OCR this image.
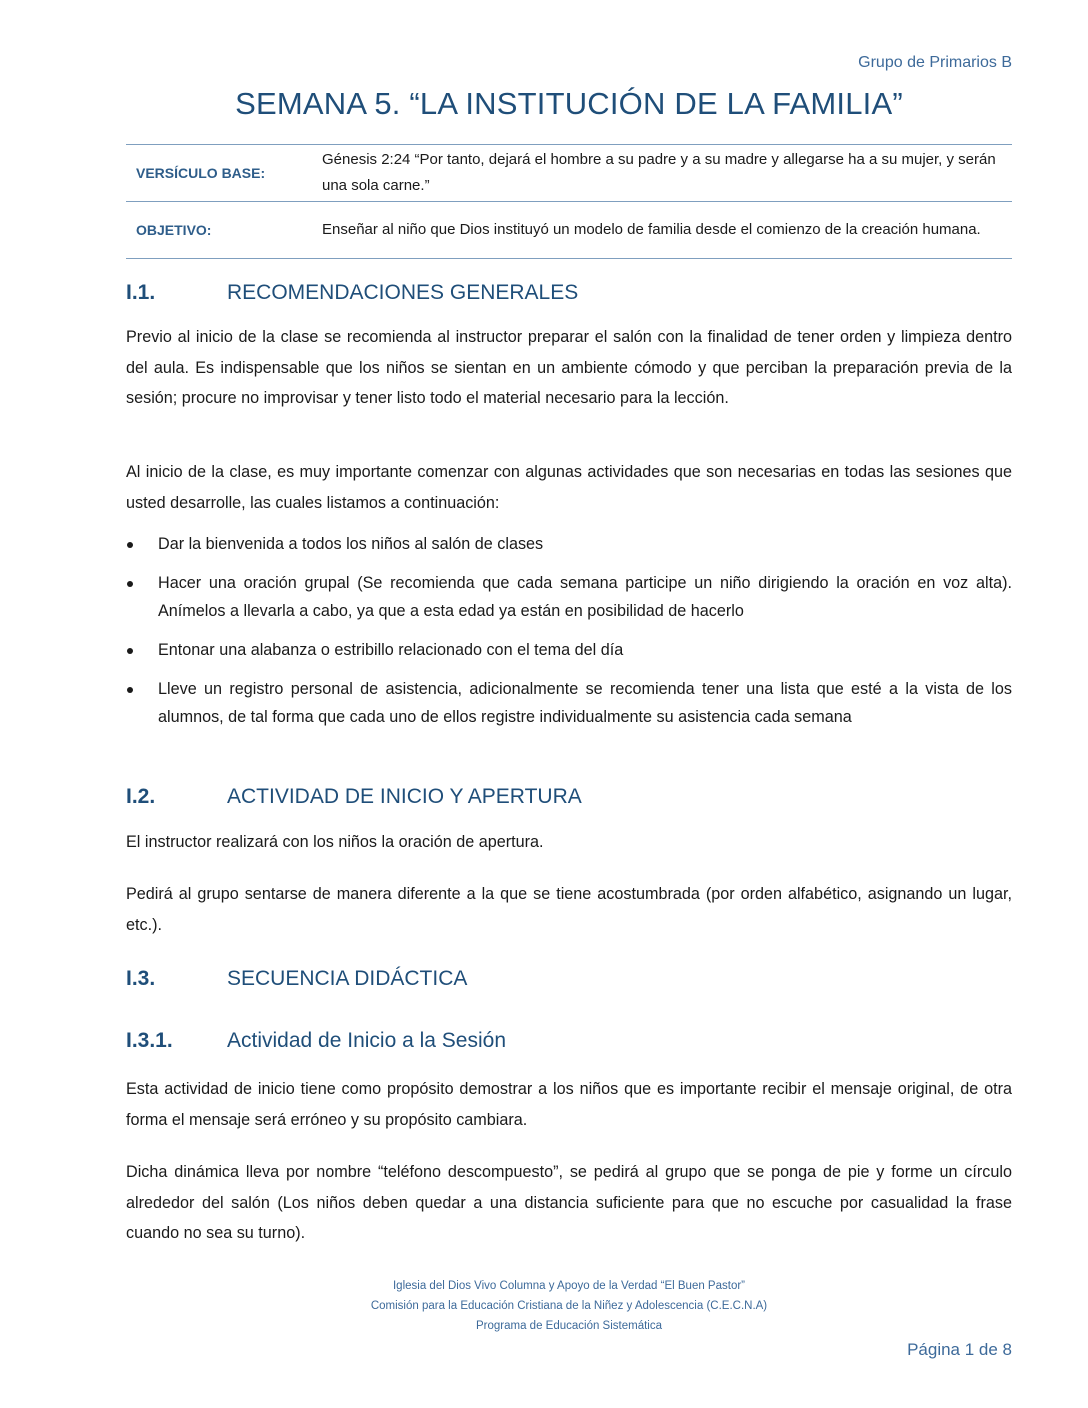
Grupo de Primarios B
SEMANA 5. “LA INSTITUCIÓN DE LA FAMILIA”
VERSÍCULO BASE:	Génesis 2:24 “Por tanto, dejará el hombre a su padre y a su madre y allegarse ha a su mujer, y serán una sola carne.”
OBJETIVO:	Enseñar al niño que Dios instituyó un modelo de familia desde el comienzo de la creación humana.
I.1.	RECOMENDACIONES GENERALES

Previo al inicio de la clase se recomienda al instructor preparar el salón con la finalidad de tener orden y limpieza dentro del aula. Es indispensable que los niños se sientan en un ambiente cómodo y que perciban la preparación previa de la sesión; procure no improvisar y tener listo todo el material necesario para la lección.

Al inicio de la clase, es muy importante comenzar con algunas actividades que son necesarias en todas las sesiones que usted desarrolle, las cuales listamos a continuación:

Dar la bienvenida a todos los niños al salón de clases
Hacer una oración grupal (Se recomienda que cada semana participe un niño dirigiendo la oración en voz alta). Anímelos a llevarla a cabo, ya que a esta edad ya están en posibilidad de hacerlo
Entonar una alabanza o estribillo relacionado con el tema del día
Lleve un registro personal de asistencia, adicionalmente se recomienda tener una lista que esté a la vista de los alumnos, de tal forma que cada uno de ellos registre individualmente su asistencia cada semana
I.2.	ACTIVIDAD DE INICIO Y APERTURA

El instructor realizará con los niños la oración de apertura.

Pedirá al grupo sentarse de manera diferente a la que se tiene acostumbrada (por orden alfabético, asignando un lugar, etc.).

I.3.	SECUENCIA DIDÁCTICA
I.3.1.	Actividad de Inicio a la Sesión

Esta actividad de inicio tiene como propósito demostrar a los niños que es importante recibir el mensaje original, de otra forma el mensaje será erróneo y su propósito cambiara.

Dicha dinámica lleva por nombre “teléfono descompuesto”, se pedirá al grupo que se ponga de pie y forme un círculo alrededor del salón (Los niños deben quedar a una distancia suficiente para que no escuche por casualidad la frase cuando no sea su turno).

Iglesia del Dios Vivo Columna y Apoyo de la Verdad “El Buen Pastor”
Comisión para la Educación Cristiana de la Niñez y Adolescencia (C.E.C.N.A)
Programa de Educación Sistemática
Página 1 de 8
